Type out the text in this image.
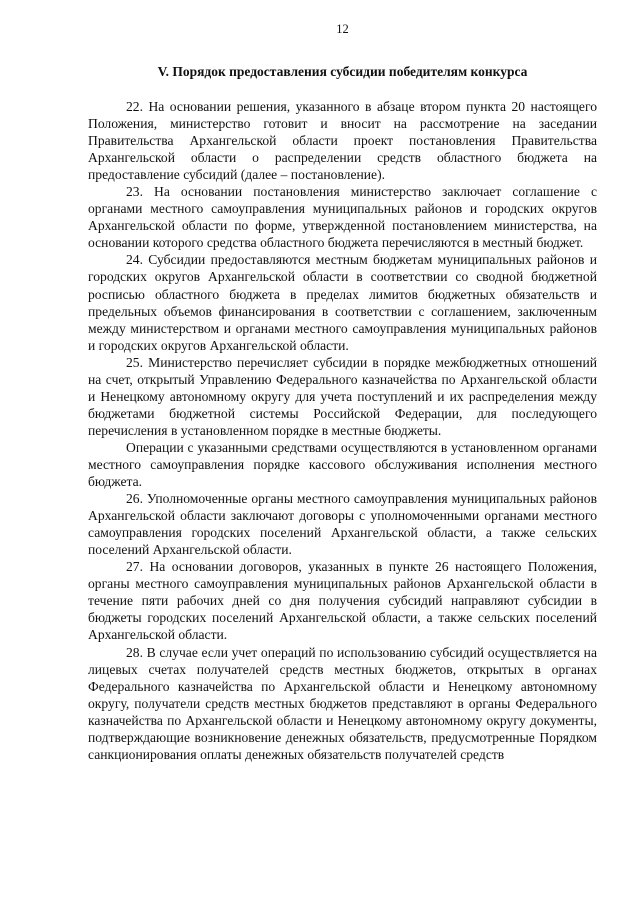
12
V. Порядок предоставления субсидии победителям конкурса

22. На основании решения, указанного в абзаце втором пункта 20 настоящего Положения, министерство готовит и вносит на рассмотрение на заседании Правительства Архангельской области проект постановления Правительства Архангельской области о распределении средств областного бюджета на предоставление субсидий (далее – постановление).

23. На основании постановления министерство заключает соглашение с органами местного самоуправления муниципальных районов и городских округов Архангельской области по форме, утвержденной постановлением министерства, на основании которого средства областного бюджета перечисляются в местный бюджет.

24. Субсидии предоставляются местным бюджетам муниципальных районов и городских округов Архангельской области в соответствии со сводной бюджетной росписью областного бюджета в пределах лимитов бюджетных обязательств и предельных объемов финансирования в соответствии с соглашением, заключенным между министерством и органами местного самоуправления муниципальных районов и городских округов Архангельской области.

25. Министерство перечисляет субсидии в порядке межбюджетных отношений на счет, открытый Управлению Федерального казначейства по Архангельской области и Ненецкому автономному округу для учета поступлений и их распределения между бюджетами бюджетной системы Российской Федерации, для последующего перечисления в установленном порядке в местные бюджеты.

Операции с указанными средствами осуществляются в установленном органами местного самоуправления порядке кассового обслуживания исполнения местного бюджета.

26. Уполномоченные органы местного самоуправления муниципальных районов Архангельской области заключают договоры с уполномоченными органами местного самоуправления городских поселений Архангельской области, а также сельских поселений Архангельской области.

27. На основании договоров, указанных в пункте 26 настоящего Положения, органы местного самоуправления муниципальных районов Архангельской области в течение пяти рабочих дней со дня получения субсидий направляют субсидии в бюджеты городских поселений Архангельской области, а также сельских поселений Архангельской области.

28. В случае если учет операций по использованию субсидий осуществляется на лицевых счетах получателей средств местных бюджетов, открытых в органах Федерального казначейства по Архангельской области и Ненецкому автономному округу, получатели средств местных бюджетов представляют в органы Федерального казначейства по Архангельской области и Ненецкому автономному округу документы, подтверждающие возникновение денежных обязательств, предусмотренные Порядком санкционирования оплаты денежных обязательств получателей средств
